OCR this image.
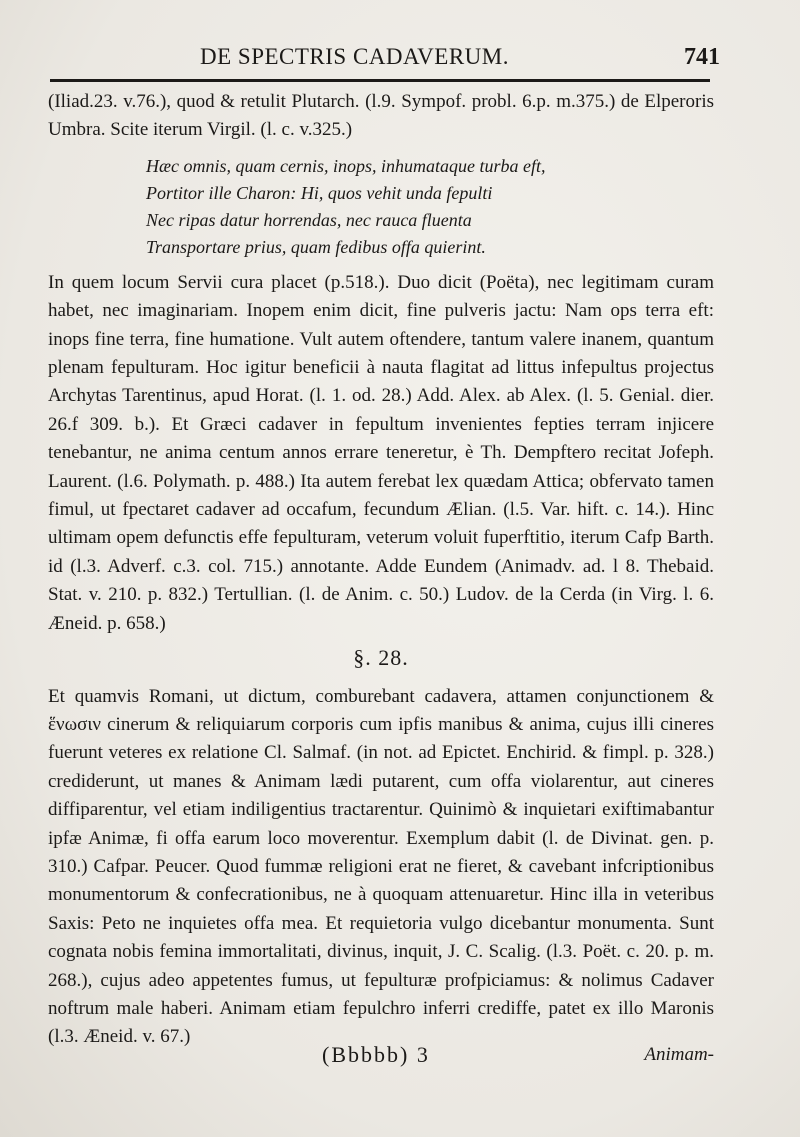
DE SPECTRIS CADAVERUM.	741

(Iliad.23. v.76.), quod & retulit Plutarch. (l.9. Sympof. probl. 6.p. m.375.) de Elperoris Umbra. Scite iterum Virgil. (l. c. v.325.)

Hæc omnis, quam cernis, inops, inhumataque turba eft,
Portitor ille Charon: Hi, quos vehit unda fepulti
Nec ripas datur horrendas, nec rauca fluenta
Transportare prius, quam fedibus offa quierint.

In quem locum Servii cura placet (p.518.). Duo dicit (Poëta), nec legitimam curam habet, nec imaginariam. Inopem enim dicit, fine pulveris jactu: Nam ops terra eft: inops fine terra, fine humatione. Vult autem oftendere, tantum valere inanem, quantum plenam fepulturam. Hoc igitur beneficii à nauta flagitat ad littus infepultus projectus Archytas Tarentinus, apud Horat. (l. 1. od. 28.) Add. Alex. ab Alex. (l. 5. Genial. dier. 26.f 309. b.). Et Græci cadaver in fepultum invenientes fepties terram injicere tenebantur, ne anima centum annos errare teneretur, è Th. Dempftero recitat Jofeph. Laurent. (l.6. Polymath. p. 488.) Ita autem ferebat lex quædam Attica; obfervato tamen fimul, ut fpectaret cadaver ad occafum, fecundum Ælian. (l.5. Var. hift. c. 14.). Hinc ultimam opem defunctis effe fepulturam, veterum voluit fuperftitio, iterum Cafp Barth. id (l.3. Adverf. c.3. col. 715.) annotante. Adde Eundem (Animadv. ad. l 8. Thebaid. Stat. v. 210. p. 832.) Tertullian. (l. de Anim. c. 50.) Ludov. de la Cerda (in Virg. l. 6. Æneid. p. 658.)

§. 28.

Et quamvis Romani, ut dictum, comburebant cadavera, attamen conjunctionem & ἕνωσιν cinerum & reliquiarum corporis cum ipfis manibus & anima, cujus illi cineres fuerunt veteres ex relatione Cl. Salmaf. (in not. ad Epictet. Enchirid. & fimpl. p. 328.) crediderunt, ut manes & Animam lædi putarent, cum offa violarentur, aut cineres diffiparentur, vel etiam indiligentius tractarentur. Quinimò & inquietari exiftimabantur ipfæ Animæ, fi offa earum loco moverentur. Exemplum dabit (l. de Divinat. gen. p. 310.) Cafpar. Peucer. Quod fummæ religioni erat ne fieret, & cavebant infcriptionibus monumentorum & confecrationibus, ne à quoquam attenuaretur. Hinc illa in veteribus Saxis: Peto ne inquietes offa mea. Et requietoria vulgo dicebantur monumenta. Sunt cognata nobis femina immortalitati, divinus, inquit, J. C. Scalig. (l.3. Poët. c. 20. p. m. 268.), cujus adeo appetentes fumus, ut fepulturæ profpiciamus: & nolimus Cadaver noftrum male haberi. Animam etiam fepulchro inferri crediffe, patet ex illo Maronis (l.3. Æneid. v. 67.)

(Bbbbb) 3	Animam-
